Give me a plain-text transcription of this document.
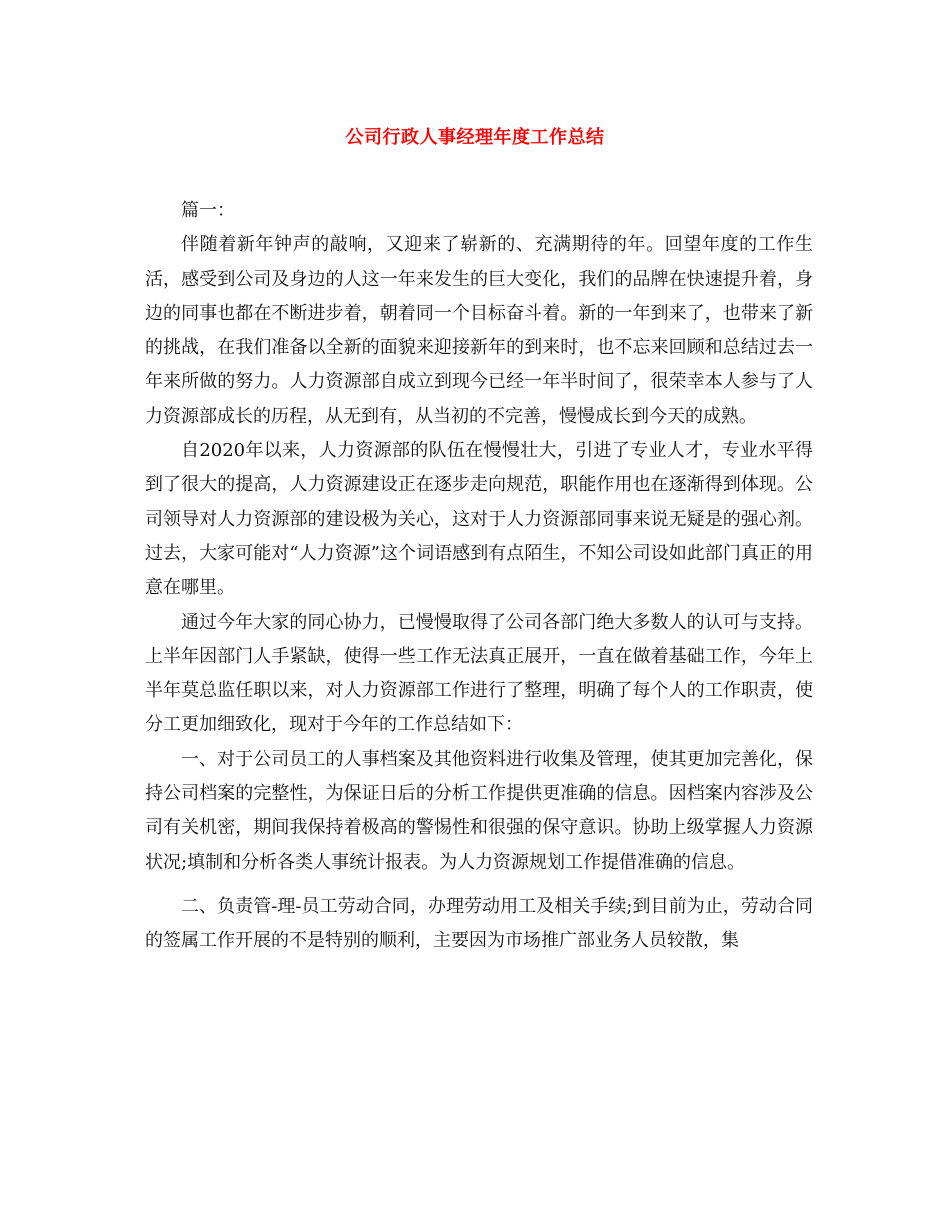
公司行政人事经理年度工作总结

篇一：

伴随着新年钟声的敲响，又迎来了崭新的、充满期待的年。回望年度的工作生活，感受到公司及身边的人这一年来发生的巨大变化，我们的品牌在快速提升着，身边的同事也都在不断进步着，朝着同一个目标奋斗着。新的一年到来了，也带来了新的挑战，在我们准备以全新的面貌来迎接新年的到来时，也不忘来回顾和总结过去一年来所做的努力。人力资源部自成立到现今已经一年半时间了，很荣幸本人参与了人力资源部成长的历程，从无到有，从当初的不完善，慢慢成长到今天的成熟。

自2020年以来，人力资源部的队伍在慢慢壮大，引进了专业人才，专业水平得到了很大的提高，人力资源建设正在逐步走向规范，职能作用也在逐渐得到体现。公司领导对人力资源部的建设极为关心，这对于人力资源部同事来说无疑是的强心剂。过去，大家可能对“人力资源”这个词语感到有点陌生，不知公司设如此部门真正的用意在哪里。

通过今年大家的同心协力，已慢慢取得了公司各部门绝大多数人的认可与支持。上半年因部门人手紧缺，使得一些工作无法真正展开，一直在做着基础工作，今年上半年莫总监任职以来，对人力资源部工作进行了整理，明确了每个人的工作职责，使分工更加细致化，现对于今年的工作总结如下：

一、对于公司员工的人事档案及其他资料进行收集及管理，使其更加完善化，保持公司档案的完整性，为保证日后的分析工作提供更准确的信息。因档案内容涉及公司有关机密，期间我保持着极高的警惕性和很强的保守意识。协助上级掌握人力资源状况;填制和分析各类人事统计报表。为人力资源规划工作提借准确的信息。

二、负责管-理-员工劳动合同，办理劳动用工及相关手续;到目前为止，劳动合同的签属工作开展的不是特别的顺利，主要因为市场推广部业务人员较散，集
